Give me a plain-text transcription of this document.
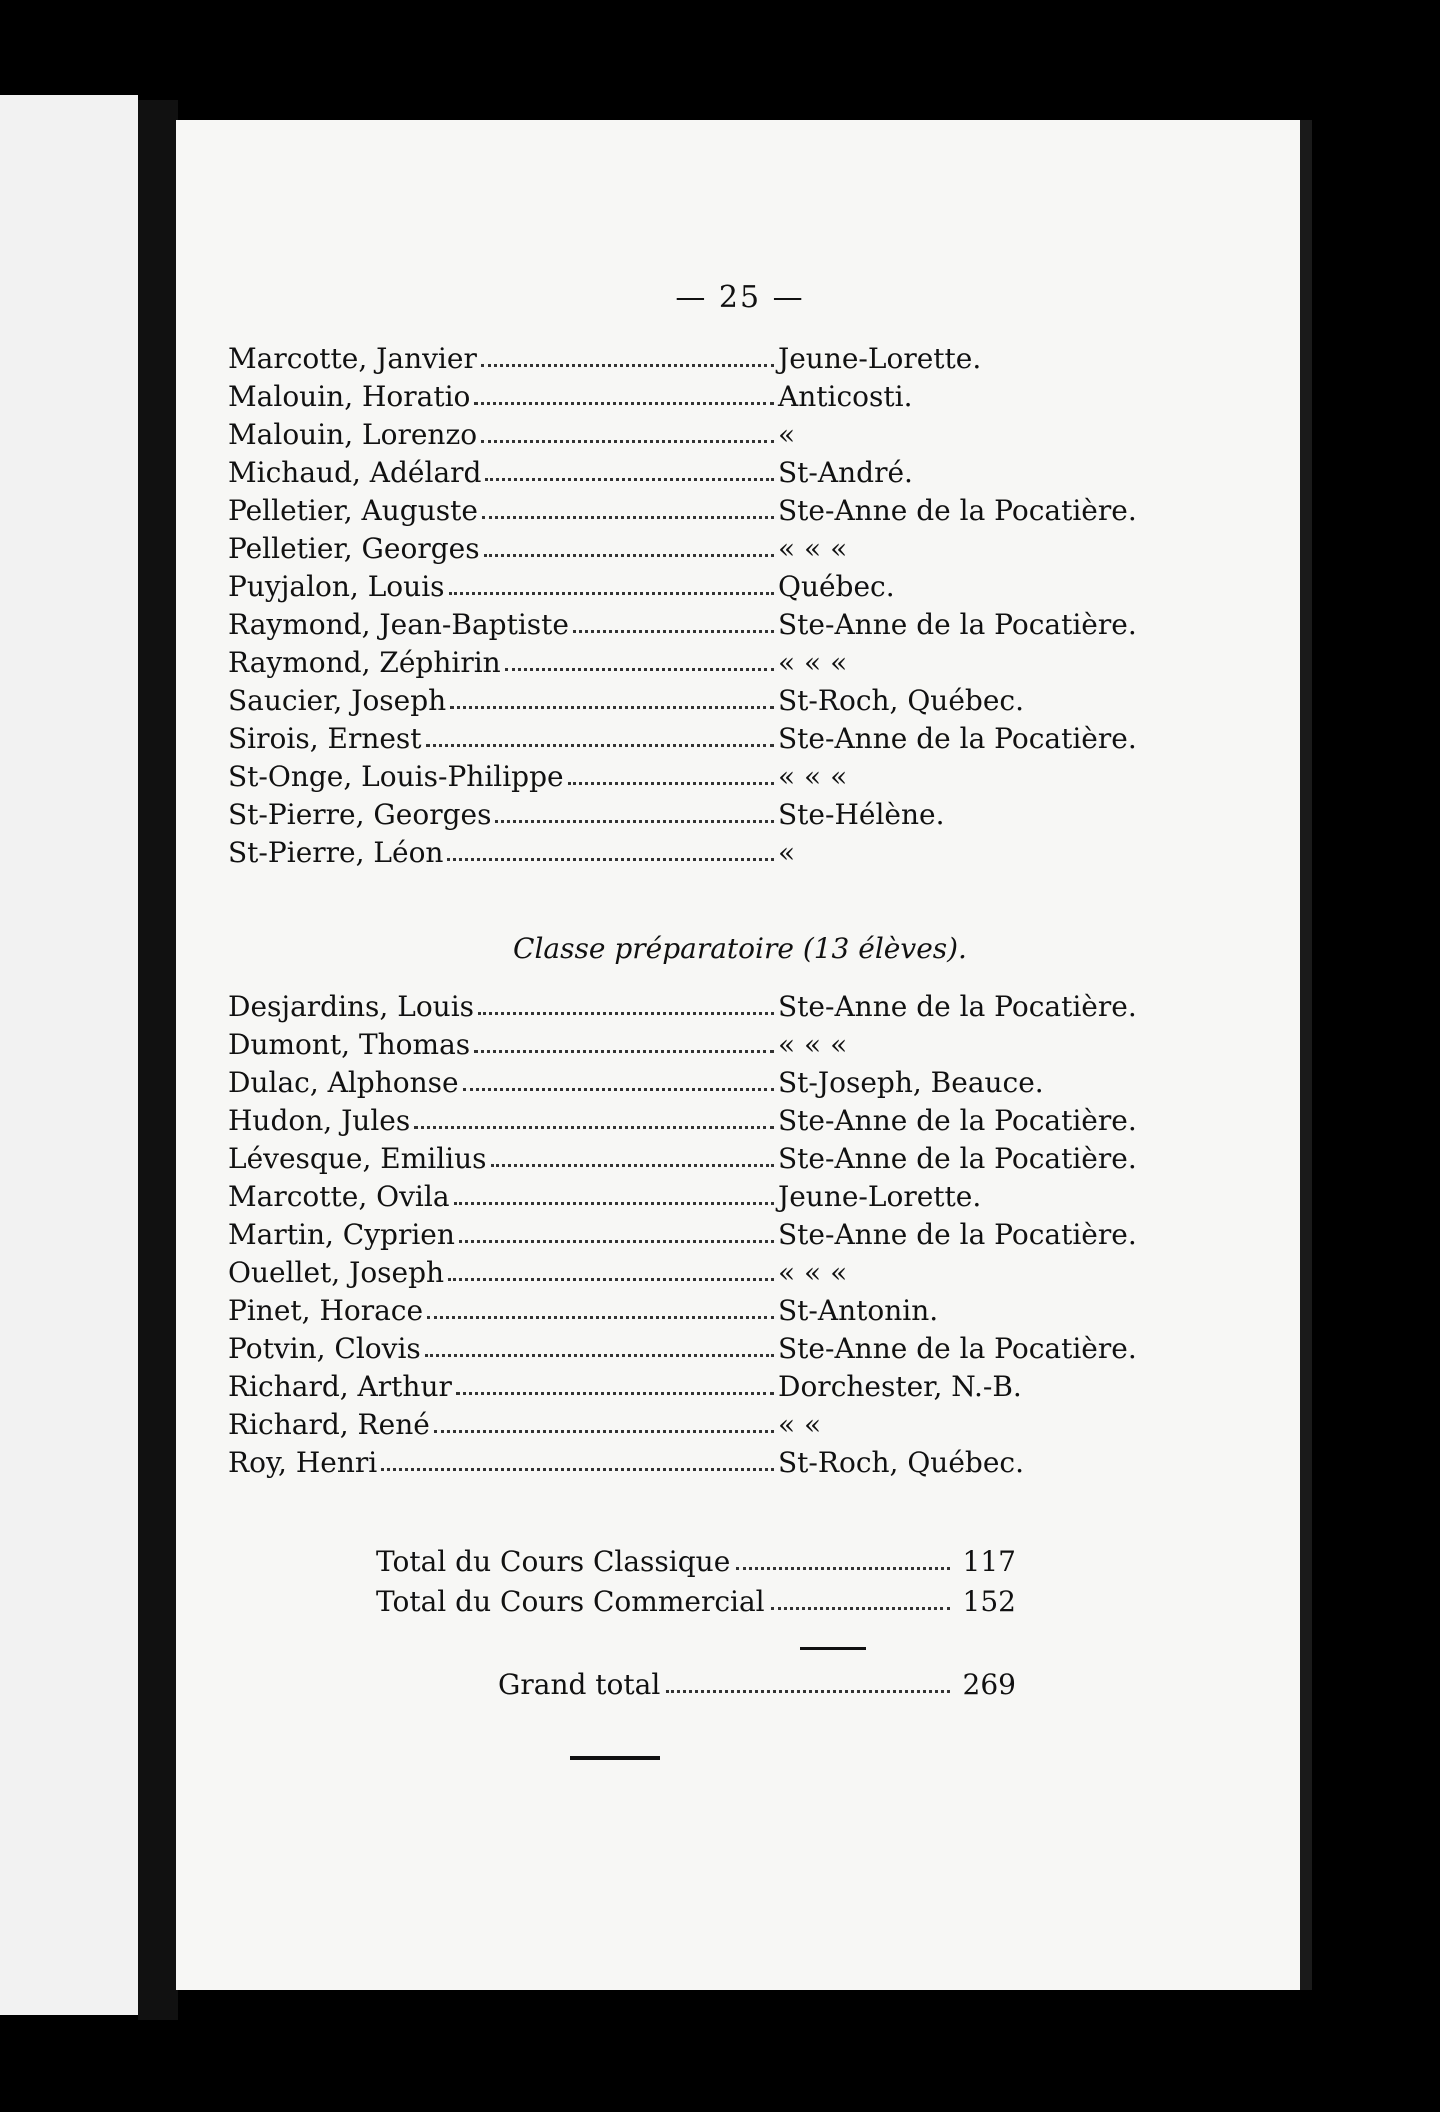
— 25 —
Marcotte, Janvier	Jeune-Lorette.
Malouin, Horatio	Anticosti.
Malouin, Lorenzo	«
Michaud, Adélard	St-André.
Pelletier, Auguste	Ste-Anne de la Pocatière.
Pelletier, Georges	« « «
Puyjalon, Louis	Québec.
Raymond, Jean-Baptiste	Ste-Anne de la Pocatière.
Raymond, Zéphirin	« « «
Saucier, Joseph	St-Roch, Québec.
Sirois, Ernest	Ste-Anne de la Pocatière.
St-Onge, Louis-Philippe	« « «
St-Pierre, Georges	Ste-Hélène.
St-Pierre, Léon	«
Classe préparatoire (13 élèves).
Desjardins, Louis	Ste-Anne de la Pocatière.
Dumont, Thomas	« « «
Dulac, Alphonse	St-Joseph, Beauce.
Hudon, Jules	Ste-Anne de la Pocatière.
Lévesque, Emilius	Ste-Anne de la Pocatière.
Marcotte, Ovila	Jeune-Lorette.
Martin, Cyprien	Ste-Anne de la Pocatière.
Ouellet, Joseph	« « «
Pinet, Horace	St-Antonin.
Potvin, Clovis	Ste-Anne de la Pocatière.
Richard, Arthur	Dorchester, N.-B.
Richard, René	« «
Roy, Henri	St-Roch, Québec.
Total du Cours Classique	117
Total du Cours Commercial	152
Grand total	269
